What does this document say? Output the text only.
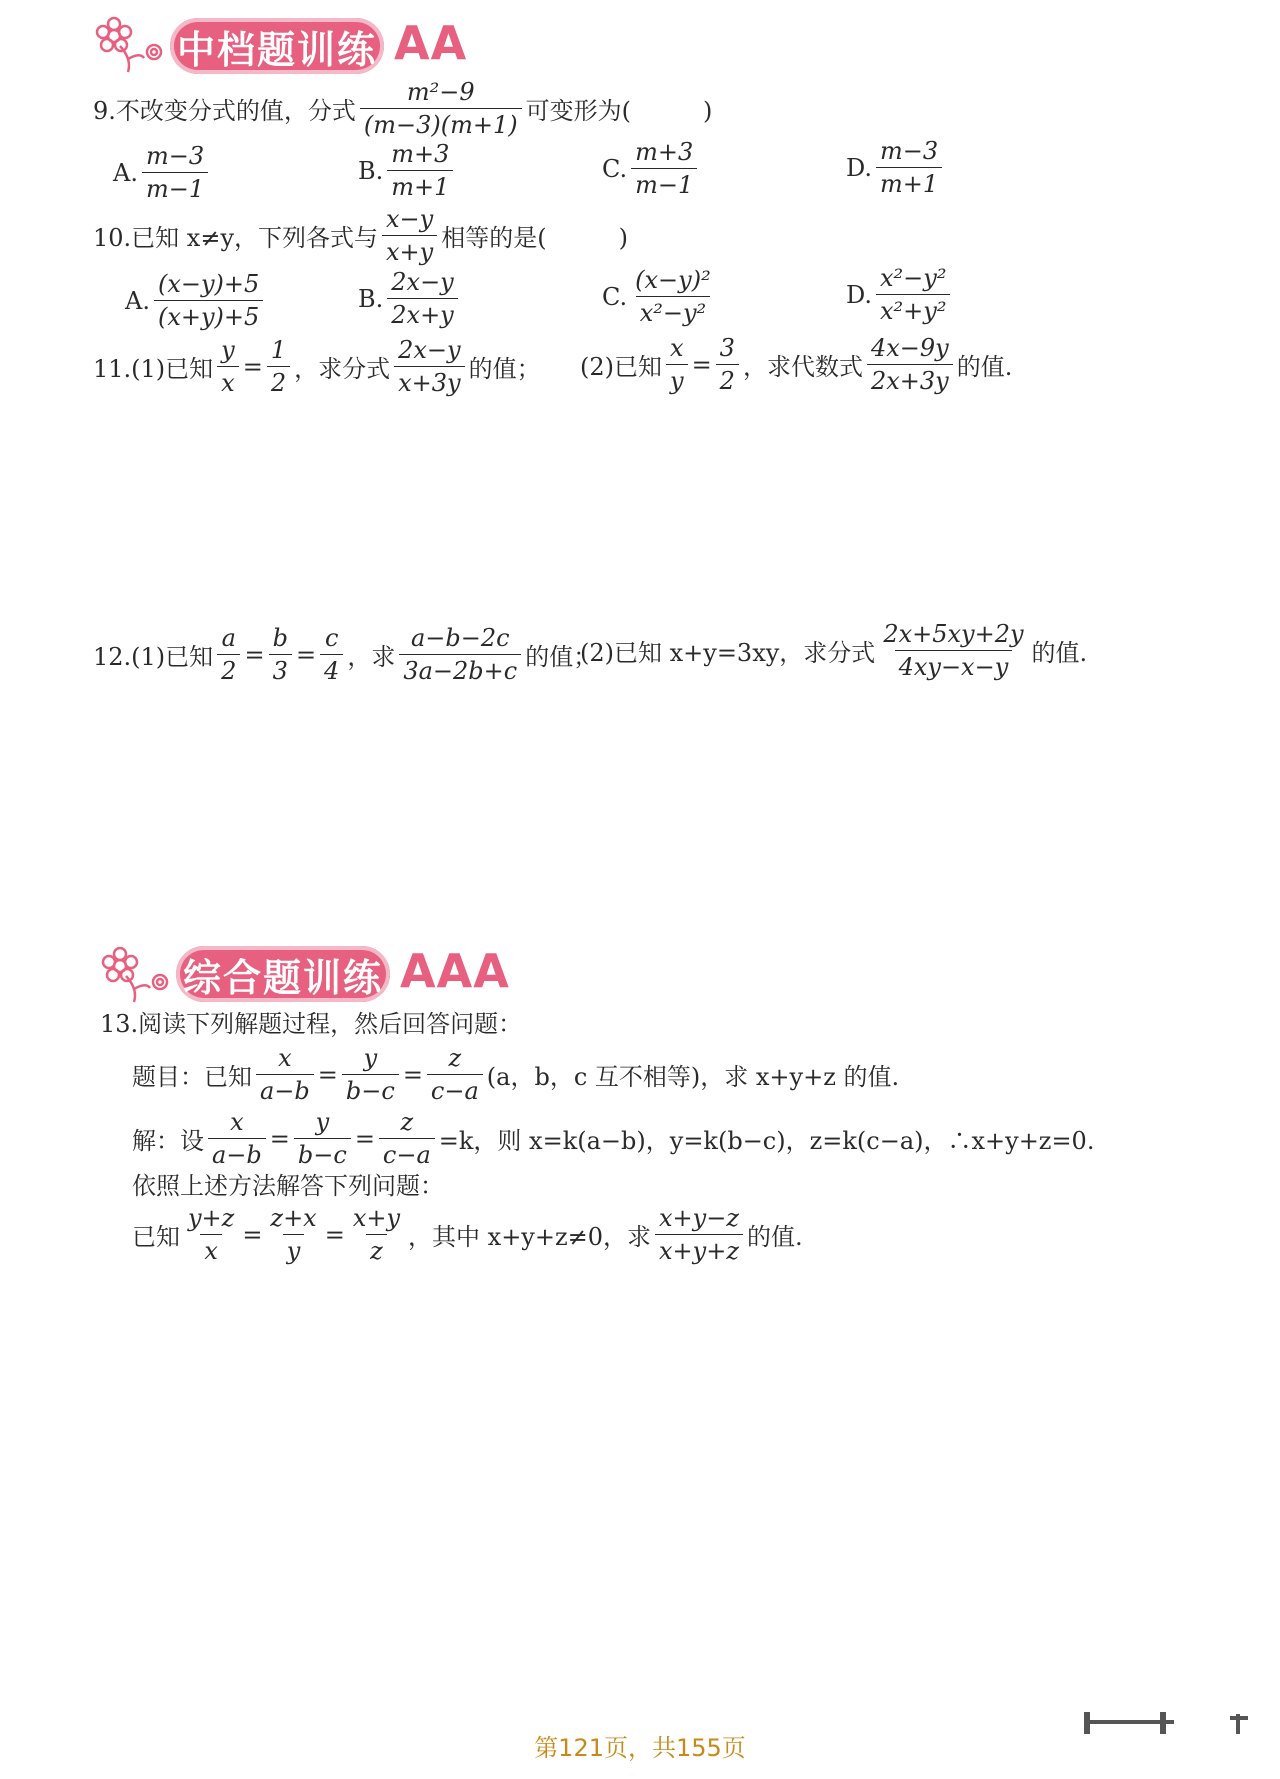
中档题训练 AA
9.不改变分式的值，分式 $\frac{\text{m²−9}}{(m-3)(m+1)}$ 可变形为(　　　)
A. $\frac{m-3}{m-1}$	B. $\frac{m+3}{m+1}$	C. $\frac{m+3}{m-1}$	D. $\frac{m-3}{m+1}$
10.已知 x≠y，下列各式与 $\frac{x-y}{x+y}$ 相等的是(　　　)
A. $\frac{(x-y)+5}{(x+y)+5}$	B. $\frac{2x-y}{2x+y}$	C. $\frac{\text{(x−y)²}}{\text{x²−y²}}$	D. $\frac{\text{x²−y²}}{\text{x²+y²}}$
11.(1)已知 $\frac{y}{x} = \frac{1}{2}$ ，求分式 $\frac{2x-y}{x+3y}$ 的值； (2)已知 $\frac{x}{y} = \frac{3}{2}$ ，求代数式 $\frac{4x-9y}{2x+3y}$ 的值.
12.(1)已知 $\frac{a}{2} = \frac{b}{3} = \frac{c}{4}$ ，求 $\frac{a-b-2c}{3a-2b+c}$ 的值；
(2)已知 x+y=3xy，求分式 $\frac{2x+5xy+2y}{4xy-x-y}$ 的值.
综合题训练 AAA
13.阅读下列解题过程，然后回答问题：
题目：已知 $\frac{x}{a-b} = \frac{y}{b-c} = \frac{z}{c-a} (a$，b，c 互不相等)，求 x+y+z 的值.
解：设 $\frac{x}{a-b} = \frac{y}{b-c} = \frac{z}{c-a} =k$，则 x=k(a−b)，y=k(b−c)，z=k(c−a)，∴x+y+z=0.
依照上述方法解答下列问题：
已知 $\frac{y+z}{x} = \frac{z+x}{y} = \frac{x+y}{z}$ ，其中 x+y+z≠0，求 $\frac{x+y-z}{x+y+z}$ 的值.
第121页，共155页
